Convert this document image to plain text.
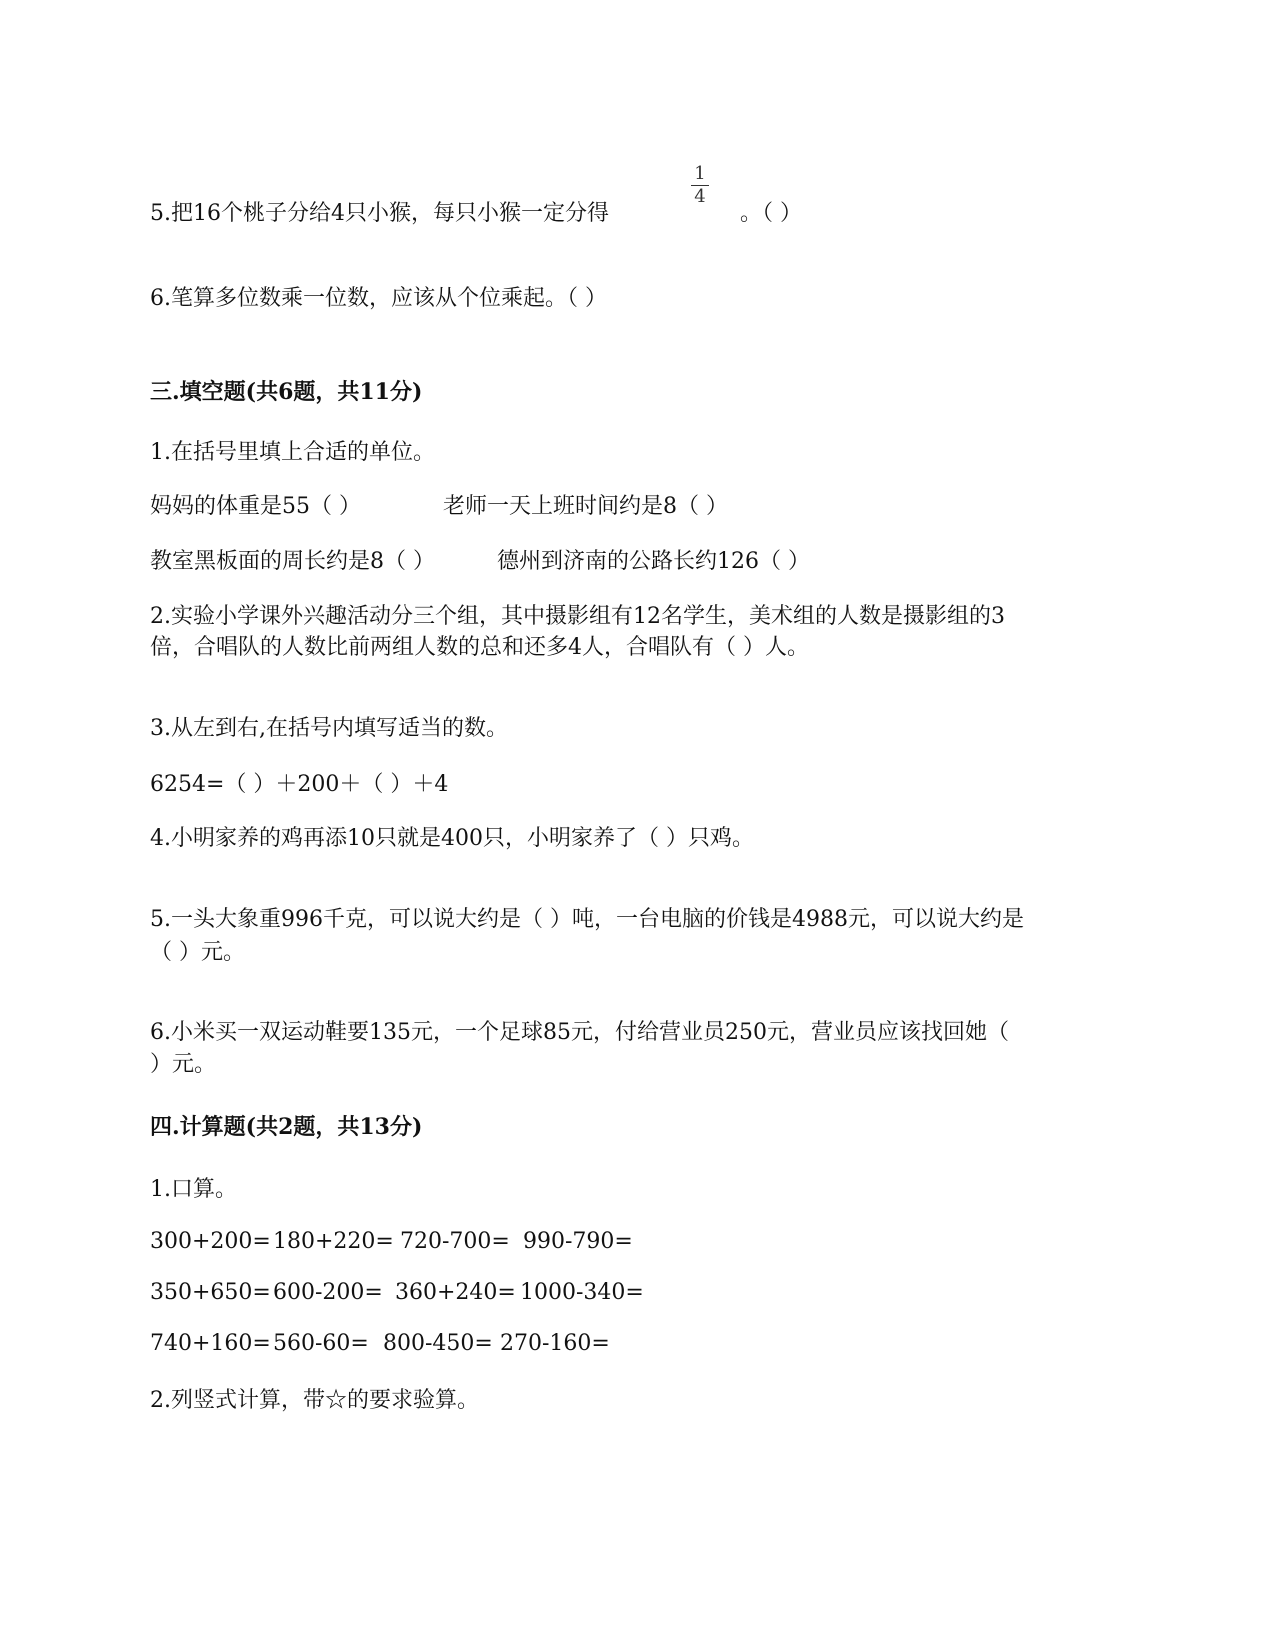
5.把16个桃子分给4只小猴，每只小猴一定分得

1
4

。（ ）

6.笔算多位数乘一位数，应该从个位乘起。（ ）

三.填空题(共6题，共11分)

1.在括号里填上合适的单位。

妈妈的体重是55（ ）	老师一天上班时间约是8（ ）

教室黑板面的周长约是8（ ）	德州到济南的公路长约126（ ）

2.实验小学课外兴趣活动分三个组，其中摄影组有12名学生，美术组的人数是摄影组的3

倍，合唱队的人数比前两组人数的总和还多4人，合唱队有（ ）人。

3.从左到右,在括号内填写适当的数。

6254=（ ）＋200＋（ ）＋4

4.小明家养的鸡再添10只就是400只，小明家养了（ ）只鸡。

5.一头大象重996千克，可以说大约是（ ）吨，一台电脑的价钱是4988元，可以说大约是

（ ）元。

6.小米买一双运动鞋要135元，一个足球85元，付给营业员250元，营业员应该找回她（

）元。

四.计算题(共2题，共13分)

1.口算。

300+200= 180+220= 720-700= 990-790=

350+650= 600-200= 360+240= 1000-340=

740+160= 560-60= 800-450= 270-160=

2.列竖式计算，带☆的要求验算。
